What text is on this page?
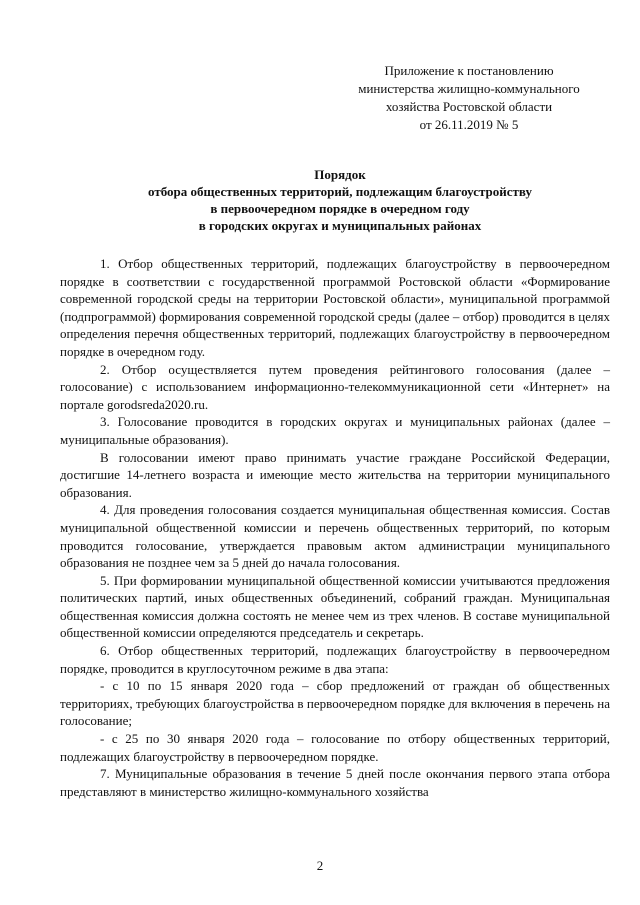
Приложение к постановлению
министерства жилищно-коммунального
хозяйства Ростовской области
от 26.11.2019 № 5
Порядок
отбора общественных территорий, подлежащим благоустройству
в первоочередном порядке в очередном году
в городских округах и муниципальных районах

1. Отбор общественных территорий, подлежащих благоустройству в первоочередном порядке в соответствии с государственной программой Ростовской области «Формирование современной городской среды на территории Ростовской области», муниципальной программой (подпрограммой) формирования современной городской среды (далее – отбор) проводится в целях определения перечня общественных территорий, подлежащих благоустройству в первоочередном порядке в очередном году.

2. Отбор осуществляется путем проведения рейтингового голосования (далее – голосование) с использованием информационно-телекоммуникационной сети «Интернет» на портале gorodsreda2020.ru.

3. Голосование проводится в городских округах и муниципальных районах (далее – муниципальные образования).

В голосовании имеют право принимать участие граждане Российской Федерации, достигшие 14-летнего возраста и имеющие место жительства на территории муниципального образования.

4. Для проведения голосования создается муниципальная общественная комиссия. Состав муниципальной общественной комиссии и перечень общественных территорий, по которым проводится голосование, утверждается правовым актом администрации муниципального образования не позднее чем за 5 дней до начала голосования.

5. При формировании муниципальной общественной комиссии учитываются предложения политических партий, иных общественных объединений, собраний граждан. Муниципальная общественная комиссия должна состоять не менее чем из трех членов. В составе муниципальной общественной комиссии определяются председатель и секретарь.

6. Отбор общественных территорий, подлежащих благоустройству в первоочередном порядке, проводится в круглосуточном режиме в два этапа:

- с 10 по 15 января 2020 года – сбор предложений от граждан об общественных территориях, требующих благоустройства в первоочередном порядке для включения в перечень на голосование;

- с 25 по 30 января 2020 года – голосование по отбору общественных территорий, подлежащих благоустройству в первоочередном порядке.

7. Муниципальные образования в течение 5 дней после окончания первого этапа отбора представляют в министерство жилищно-коммунального хозяйства

2
